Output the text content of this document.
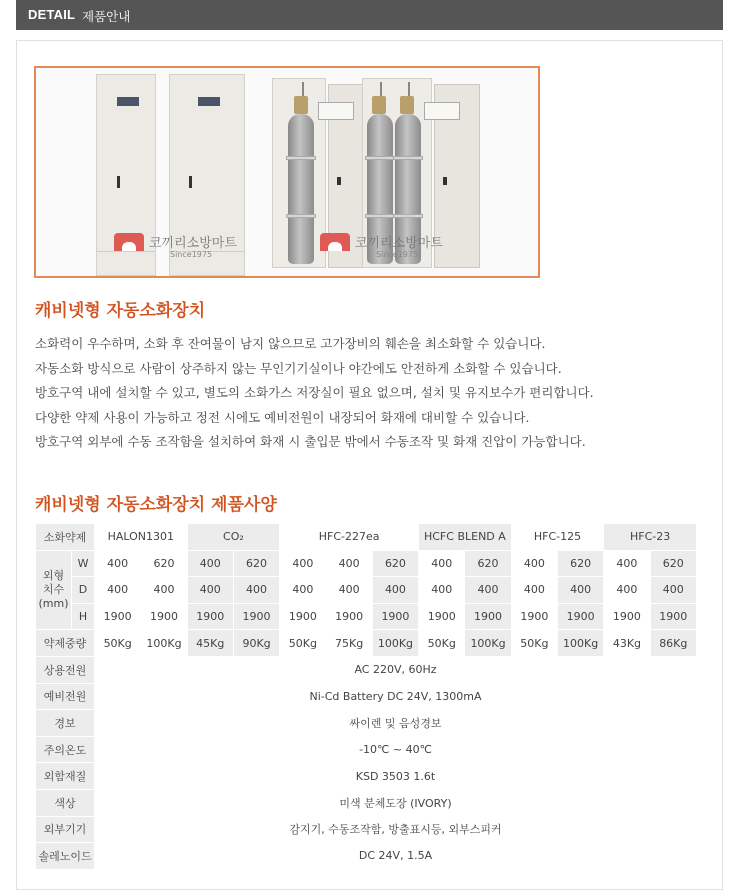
DETAIL 제품안내
코끼리소방마트
Since1975
코끼리소방마트
Since1975
캐비넷형 자동소화장치
소화력이 우수하며, 소화 후 잔여물이 남지 않으므로 고가장비의 훼손을 최소화할 수 있습니다.
자동소화 방식으로 사람이 상주하지 않는 무인기기실이나 야간에도 안전하게 소화할 수 있습니다.
방호구역 내에 설치할 수 있고, 별도의 소화가스 저장실이 필요 없으며, 설치 및 유지보수가 편리합니다.
다양한 약제 사용이 가능하고 정전 시에도 예비전원이 내장되어 화재에 대비할 수 있습니다.
방호구역 외부에 수동 조작함을 설치하여 화재 시 출입문 밖에서 수동조작 및 화재 진압이 가능합니다.
캐비넷형 자동소화장치 제품사양
소화약제		HALON1301		CO₂		HFC-227ea			HCFC BLEND A		HFC-125		HFC-23	
외형
치수
(mm)	W	400	620	400	620	400	400	620	400	620	400	620	400	620
	D	400	400	400	400	400	400	400	400	400	400	400	400	400
	H	1900	1900	1900	1900	1900	1900	1900	1900	1900	1900	1900	1900	1900
약제중량		50Kg	100Kg	45Kg	90Kg	50Kg	75Kg	100Kg	50Kg	100Kg	50Kg	100Kg	43Kg	86Kg
상용전원		AC 220V, 60Hz												
예비전원		Ni-Cd Battery DC 24V, 1300mA												
경보		싸이렌 및 음성경보												
주의온도		-10℃ ~ 40℃												
외함재질		KSD 3503 1.6t												
색상		미색 분체도장 (IVORY)												
외부기기		감지기, 수동조작함, 방출표시등, 외부스피커												
솔레노이드		DC 24V, 1.5A												
